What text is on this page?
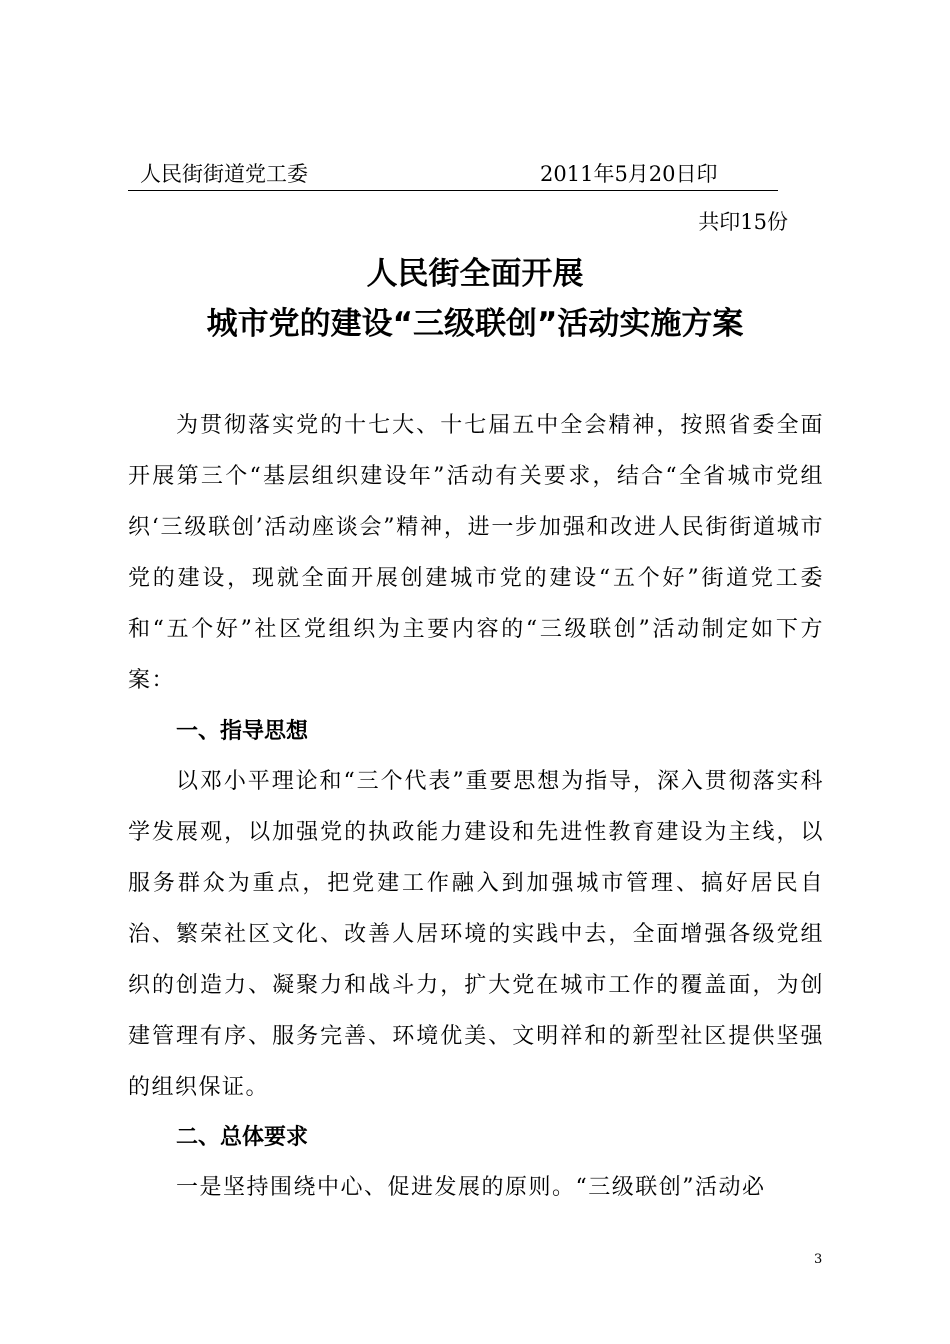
人民街街道党工委	2011年5月20日印
共印15份
人民街全面开展
城市党的建设“三级联创”活动实施方案
为贯彻落实党的十七大、十七届五中全会精神，按照省委全面开展第三个“基层组织建设年”活动有关要求，结合“全省城市党组织‘三级联创’活动座谈会”精神，进一步加强和改进人民街街道城市党的建设，现就全面开展创建城市党的建设“五个好”街道党工委和“五个好”社区党组织为主要内容的“三级联创”活动制定如下方案：
一、指导思想
以邓小平理论和“三个代表”重要思想为指导，深入贯彻落实科学发展观，以加强党的执政能力建设和先进性教育建设为主线，以服务群众为重点，把党建工作融入到加强城市管理、搞好居民自治、繁荣社区文化、改善人居环境的实践中去，全面增强各级党组织的创造力、凝聚力和战斗力，扩大党在城市工作的覆盖面，为创建管理有序、服务完善、环境优美、文明祥和的新型社区提供坚强的组织保证。
二、总体要求
一是坚持围绕中心、促进发展的原则。“三级联创”活动必
3
